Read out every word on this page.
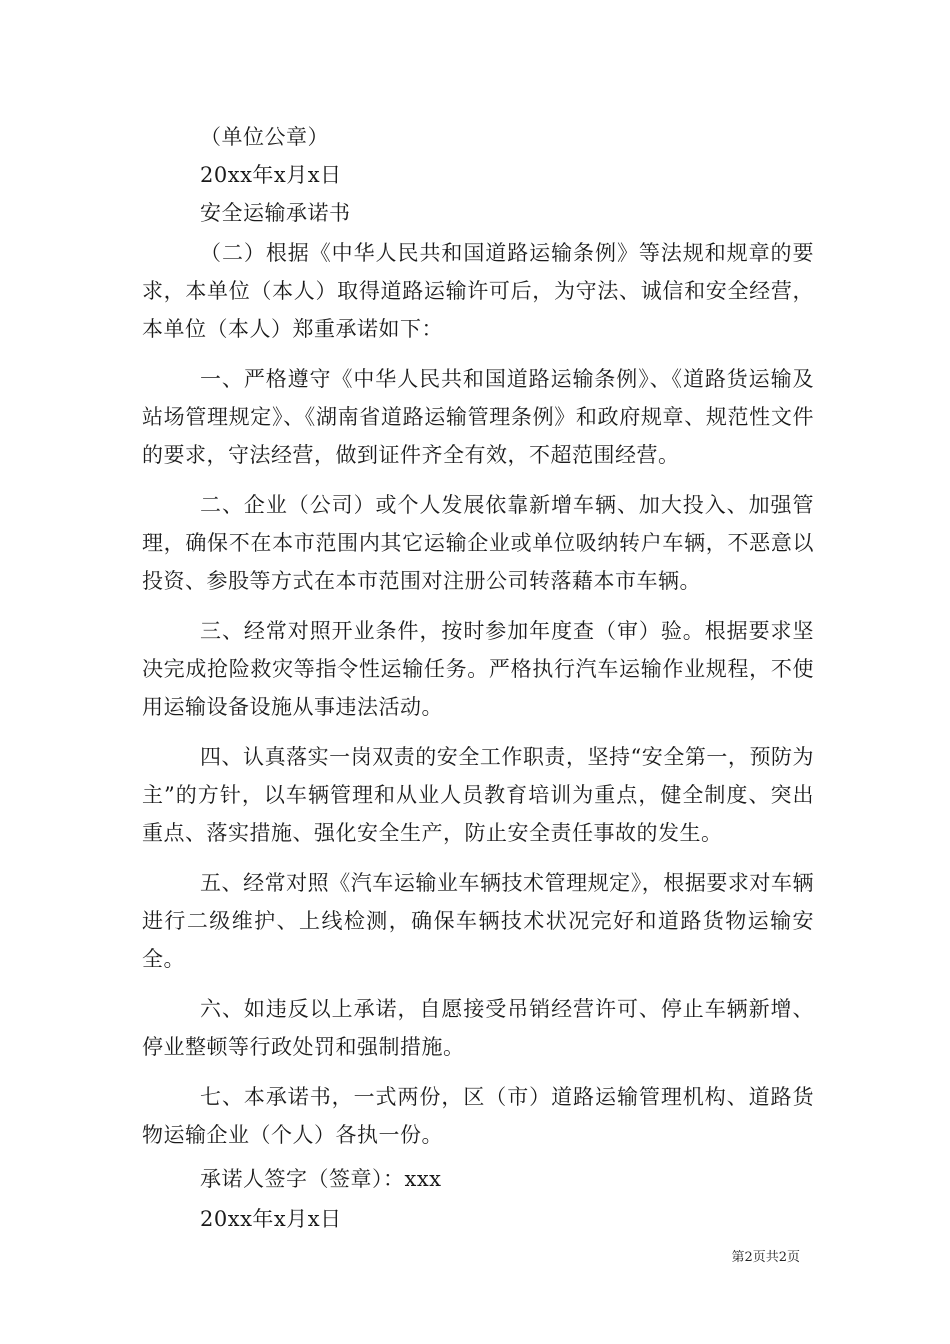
（单位公章）
20xx年x月x日
安全运输承诺书
（二）根据《中华人民共和国道路运输条例》等法规和规章的要求，本单位（本人）取得道路运输许可后，为守法、诚信和安全经营，本单位（本人）郑重承诺如下：
一、严格遵守《中华人民共和国道路运输条例》、《道路货运输及站场管理规定》、《湖南省道路运输管理条例》和政府规章、规范性文件的要求，守法经营，做到证件齐全有效，不超范围经营。
二、企业（公司）或个人发展依靠新增车辆、加大投入、加强管理，确保不在本市范围内其它运输企业或单位吸纳转户车辆，不恶意以投资、参股等方式在本市范围对注册公司转落藉本市车辆。
三、经常对照开业条件，按时参加年度查（审）验。根据要求坚决完成抢险救灾等指令性运输任务。严格执行汽车运输作业规程，不使用运输设备设施从事违法活动。
四、认真落实一岗双责的安全工作职责，坚持“安全第一，预防为主”的方针，以车辆管理和从业人员教育培训为重点，健全制度、突出重点、落实措施、强化安全生产，防止安全责任事故的发生。
五、经常对照《汽车运输业车辆技术管理规定》，根据要求对车辆进行二级维护、上线检测，确保车辆技术状况完好和道路货物运输安全。
六、如违反以上承诺，自愿接受吊销经营许可、停止车辆新增、停业整顿等行政处罚和强制措施。
七、本承诺书，一式两份，区（市）道路运输管理机构、道路货物运输企业（个人）各执一份。
承诺人签字（签章）：xxx
20xx年x月x日
第2页共2页
